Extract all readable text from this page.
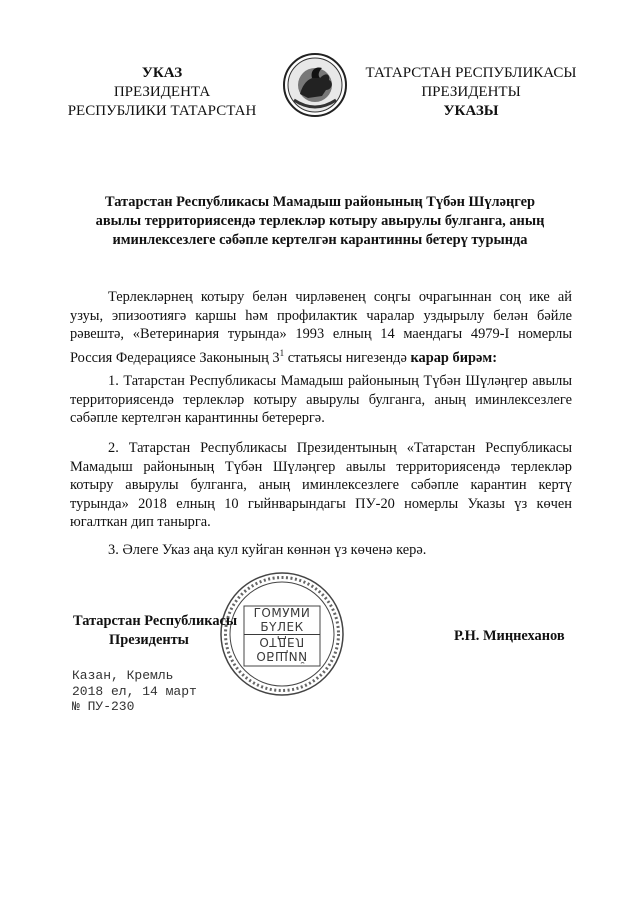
УКАЗ
ПРЕЗИДЕНТА
РЕСПУБЛИКИ ТАТАРСТАН
ТАТАРСТАН РЕСПУБЛИКАСЫ
ПРЕЗИДЕНТЫ
УКАЗЫ
Татарстан Республикасы Мамадыш районының Түбән Шүләңгер
авылы территориясендә терлекләр котыру авырулы булганга, аның
иминлексезлеге сәбәпле кертелгән карантинны бетерү турында
Терлекләрнең котыру белән чирләвенең соңгы очрагыннан соң ике ай узуы, эпизоотиягә каршы һәм профилактик чаралар уздырылу белән бәйле рәвештә, «Ветеринария турында» 1993 елның 14 маендагы 4979-I номерлы Россия Федерациясе Законының $3^1$ статьясы нигезендә карар бирәм:
1. Татарстан Республикасы Мамадыш районының Түбән Шүләңгер авылы территориясендә терлекләр котыру авырулы булганга, аның иминлексезлеге сәбәпле кертелгән карантинны бетерергә.
2. Татарстан Республикасы Президентының «Татарстан Республикасы Мамадыш районының Түбән Шүләңгер авылы территориясендә терлекләр котыру авырулы булганга, аның иминлексезлеге сәбәпле карантин кертү турында» 2018 елның 10 гыйнварындагы ПУ-20 номерлы Указы үз көчен югалткан дип танырга.
3. Әлеге Указ аңа кул куйган көннән үз көченә керә.
ГОМУМИ
БҮЛЕК
ОТДЕЛ
ОБЩИЙ
Татарстан Республикасы
Президенты	Р.Н. Миңнеханов
Казан, Кремль
2018 ел, 14 март
№ ПУ-230
